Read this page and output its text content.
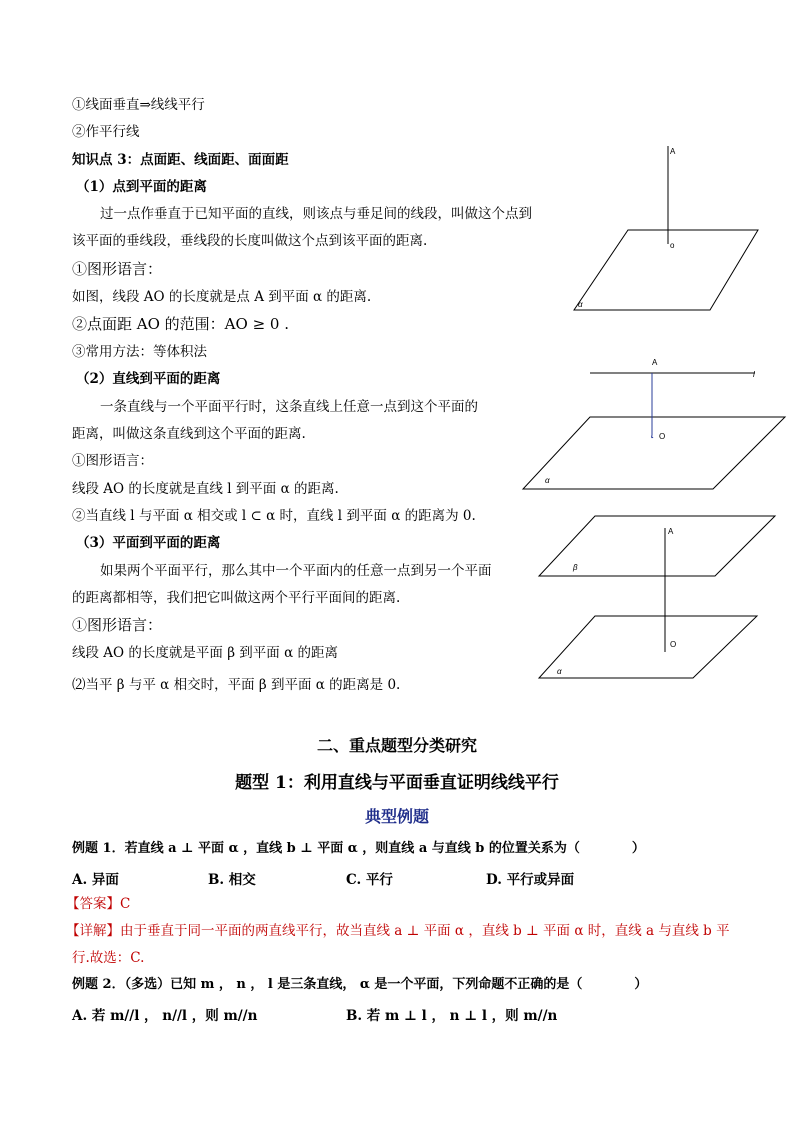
①线面垂直⇒线线平行
②作平行线
知识点 3：点面距、线面距、面面距
（1）点到平面的距离
过一点作垂直于已知平面的直线，则该点与垂足间的线段，叫做这个点到
该平面的垂线段，垂线段的长度叫做这个点到该平面的距离.
①图形语言：
如图，线段 AO 的长度就是点 A 到平面 α 的距离.
②点面距 AO 的范围：AO ≥ 0 .
③常用方法：等体积法
（2）直线到平面的距离
一条直线与一个平面平行时，这条直线上任意一点到这个平面的
距离，叫做这条直线到这个平面的距离.
①图形语言：
线段 AO 的长度就是直线 l 到平面 α 的距离.
②当直线 l 与平面 α 相交或 l ⊂ α 时，直线 l 到平面 α 的距离为 0.
（3）平面到平面的距离
如果两个平面平行，那么其中一个平面内的任意一点到另一个平面
的距离都相等，我们把它叫做这两个平行平面间的距离.
①图形语言：
线段 AO 的长度就是平面 β 到平面 α 的距离
⑵当平 β 与平 α 相交时，平面 β 到平面 α 的距离是 0.
A
o
α
A
O
l
α
A
O
β
α
二、重点题型分类研究
题型 1：利用直线与平面垂直证明线线平行
典型例题
例题 1．若直线 a ⊥ 平面 α ，直线 b ⊥ 平面 α ，则直线 a 与直线 b 的位置关系为（　　　　）
A. 异面	B. 相交	C. 平行	D. 平行或异面
【答案】C
【详解】由于垂直于同一平面的两直线平行，故当直线 a ⊥ 平面 α ，直线 b ⊥ 平面 α 时，直线 a 与直线 b 平
行.故选：C.
例题 2．（多选）已知 m ， n ， l 是三条直线， α 是一个平面，下列命题不正确的是（　　　　）
A. 若 m//l ， n//l ，则 m//n	B. 若 m ⊥ l ， n ⊥ l ，则 m//n
